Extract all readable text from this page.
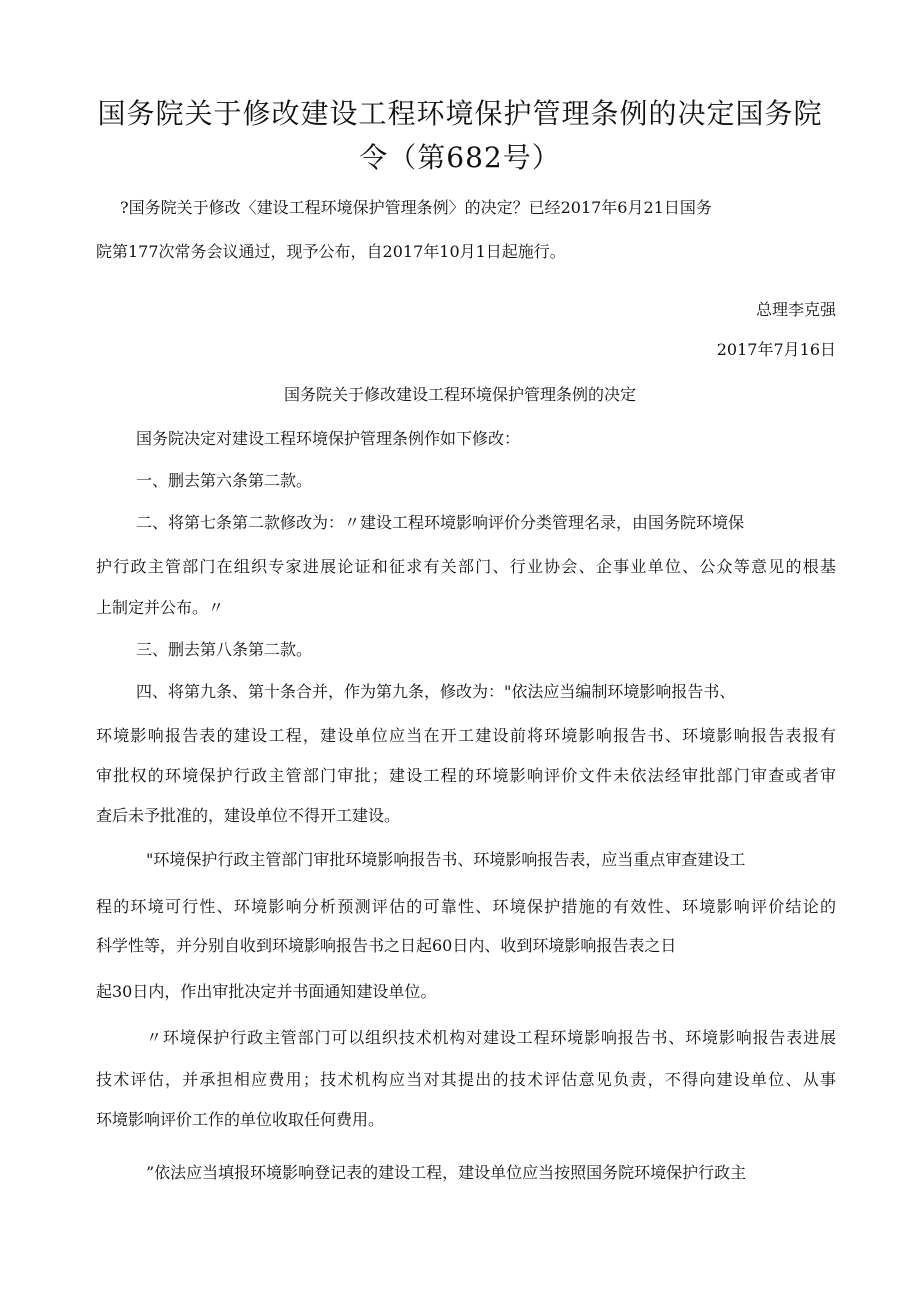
国务院关于修改建设工程环境保护管理条例的决定国务院
令（第682号）
?国务院关于修改〈建设工程环境保护管理条例〉的决定？已经2017年6月21日国务
院第177次常务会议通过，现予公布，自2017年10月1日起施行。
总理李克强
2017年7月16日
国务院关于修改建设工程环境保护管理条例的决定
国务院决定对建设工程环境保护管理条例作如下修改：
一、删去第六条第二款。
二、将第七条第二款修改为：〃建设工程环境影响评价分类管理名录，由国务院环境保
护行政主管部门在组织专家进展论证和征求有关部门、行业协会、企事业单位、公众等意见的根基
上制定并公布。〃
三、删去第八条第二款。
四、将第九条、第十条合并，作为第九条，修改为："依法应当编制环境影响报告书、
环境影响报告表的建设工程，建设单位应当在开工建设前将环境影响报告书、环境影响报告表报有
审批权的环境保护行政主管部门审批；建设工程的环境影响评价文件未依法经审批部门审查或者审
查后未予批准的，建设单位不得开工建设。
"环境保护行政主管部门审批环境影响报告书、环境影响报告表，应当重点审查建设工
程的环境可行性、环境影响分析预测评估的可靠性、环境保护措施的有效性、环境影响评价结论的
科学性等，并分别自收到环境影响报告书之日起60日内、收到环境影响报告表之日
起30日内，作出审批决定并书面通知建设单位。
〃环境保护行政主管部门可以组织技术机构对建设工程环境影响报告书、环境影响报告表进展
技术评估，并承担相应费用；技术机构应当对其提出的技术评估意见负责，不得向建设单位、从事
环境影响评价工作的单位收取任何费用。
”依法应当填报环境影响登记表的建设工程，建设单位应当按照国务院环境保护行政主
